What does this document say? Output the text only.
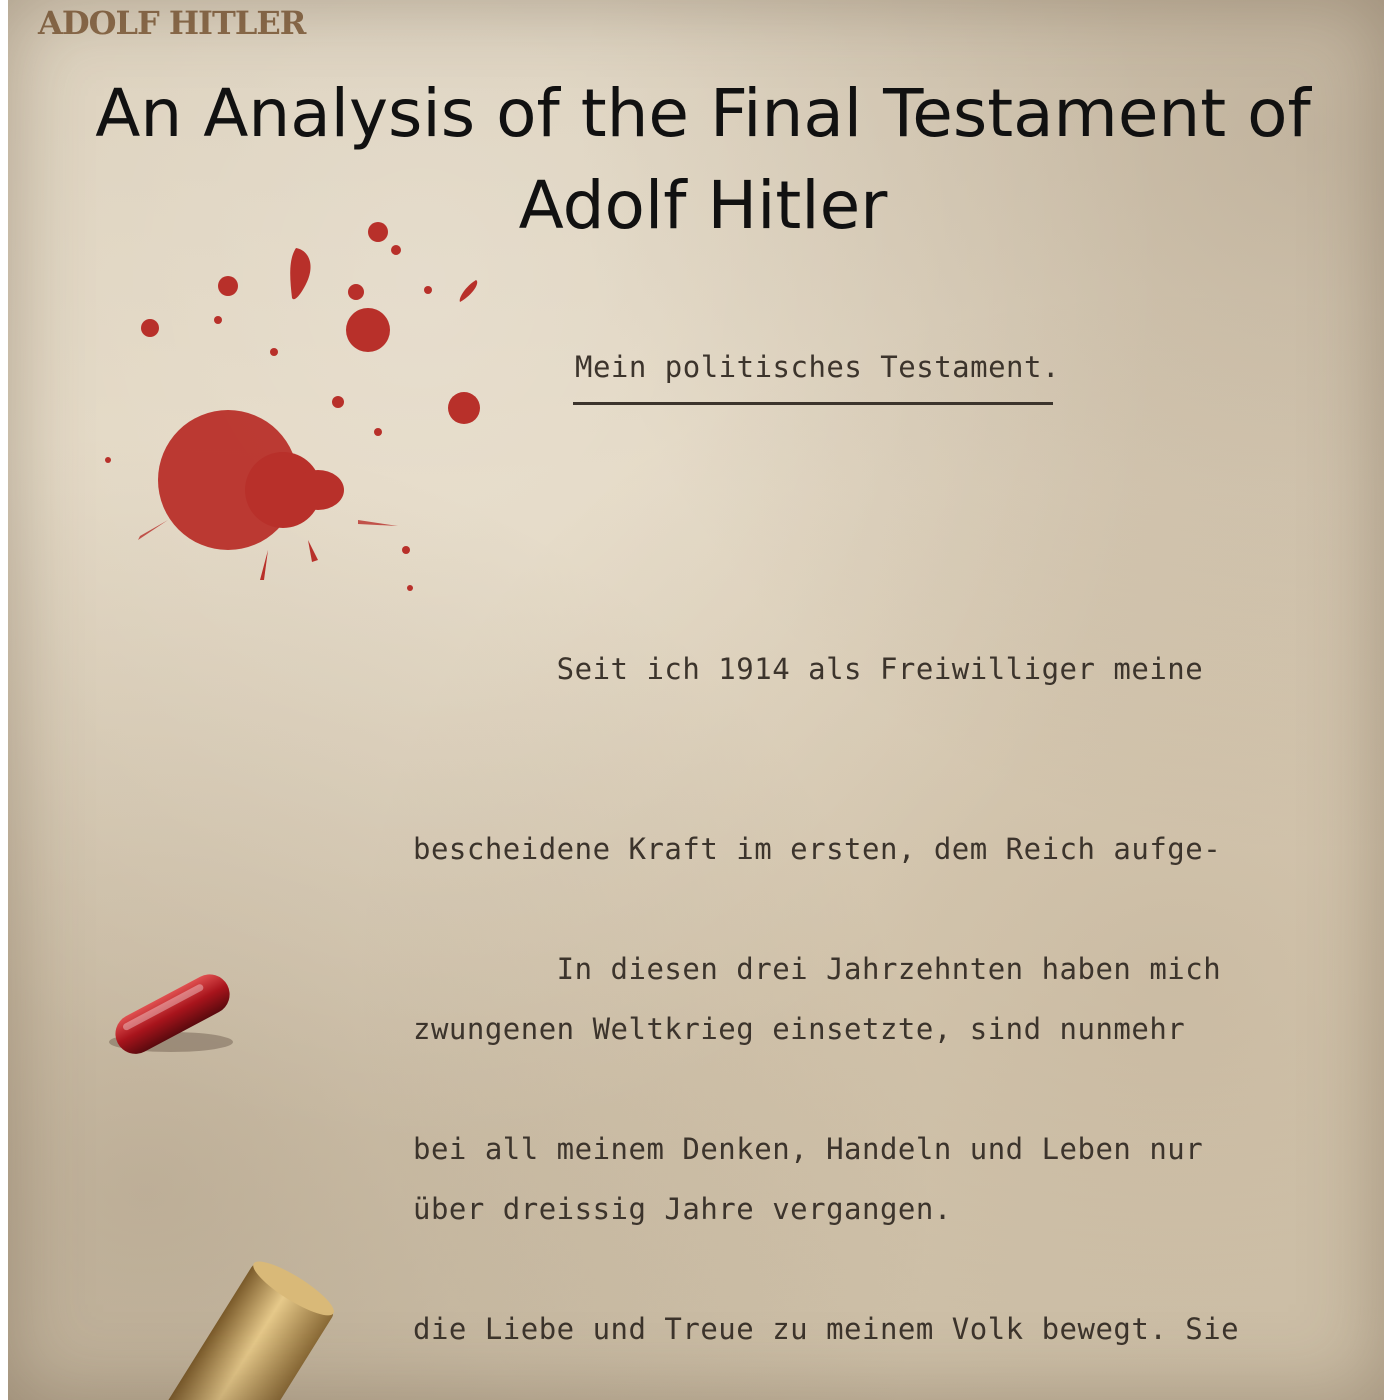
ADOLF HITLER
An Analysis of the Final Testament of Adolf Hitler
Mein politisches Testament.

Seit ich 1914 als Freiwilliger meine

bescheidene Kraft im ersten, dem Reich aufge-

zwungenen Weltkrieg einsetzte, sind nunmehr

über dreissig Jahre vergangen.

In diesen drei Jahrzehnten haben mich

bei all meinem Denken, Handeln und Leben nur

die Liebe und Treue zu meinem Volk bewegt. Sie
